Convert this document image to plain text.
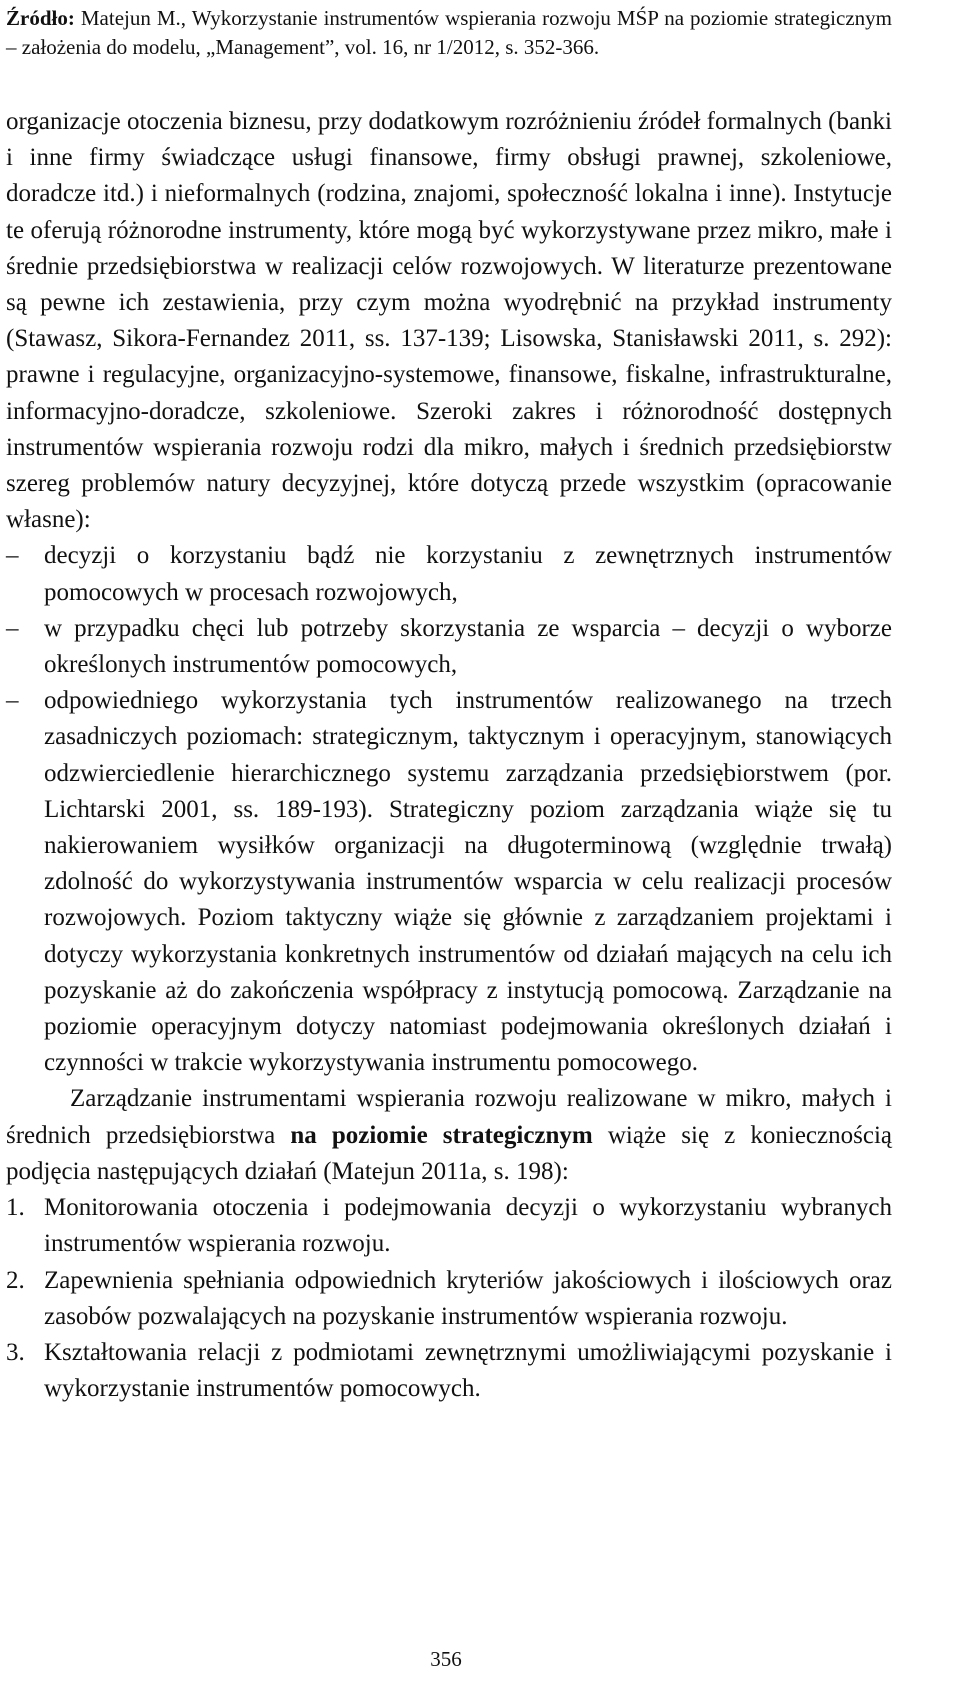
Źródło: Matejun M., Wykorzystanie instrumentów wspierania rozwoju MŚP na poziomie strategicznym – założenia do modelu, „Management”, vol. 16, nr 1/2012, s. 352-366.

organizacje otoczenia biznesu, przy dodatkowym rozróżnieniu źródeł formalnych (banki i inne firmy świadczące usługi finansowe, firmy obsługi prawnej, szkoleniowe, doradcze itd.) i nieformalnych (rodzina, znajomi, społeczność lokalna i inne). Instytucje te oferują różnorodne instrumenty, które mogą być wykorzystywane przez mikro, małe i średnie przedsiębiorstwa w realizacji celów rozwojowych. W literaturze prezentowane są pewne ich zestawienia, przy czym można wyodrębnić na przykład instrumenty (Stawasz, Sikora-Fernandez 2011, ss. 137-139; Lisowska, Stanisławski 2011, s. 292): prawne i regulacyjne, organizacyjno-systemowe, finansowe, fiskalne, infrastrukturalne, informacyjno-doradcze, szkoleniowe. Szeroki zakres i różnorodność dostępnych instrumentów wspierania rozwoju rodzi dla mikro, małych i średnich przedsiębiorstw szereg problemów natury decyzyjnej, które dotyczą przede wszystkim (opracowanie własne):

– decyzji o korzystaniu bądź nie korzystaniu z zewnętrznych instrumentów pomocowych w procesach rozwojowych,
– w przypadku chęci lub potrzeby skorzystania ze wsparcia – decyzji o wyborze określonych instrumentów pomocowych,
– odpowiedniego wykorzystania tych instrumentów realizowanego na trzech zasadniczych poziomach: strategicznym, taktycznym i operacyjnym, stanowiących odzwierciedlenie hierarchicznego systemu zarządzania przedsiębiorstwem (por. Lichtarski 2001, ss. 189-193). Strategiczny poziom zarządzania wiąże się tu nakierowaniem wysiłków organizacji na długoterminową (względnie trwałą) zdolność do wykorzystywania instrumentów wsparcia w celu realizacji procesów rozwojowych. Poziom taktyczny wiąże się głównie z zarządzaniem projektami i dotyczy wykorzystania konkretnych instrumentów od działań mających na celu ich pozyskanie aż do zakończenia współpracy z instytucją pomocową. Zarządzanie na poziomie operacyjnym dotyczy natomiast podejmowania określonych działań i czynności w trakcie wykorzystywania instrumentu pomocowego.

Zarządzanie instrumentami wspierania rozwoju realizowane w mikro, małych i średnich przedsiębiorstwa na poziomie strategicznym wiąże się z koniecznością podjęcia następujących działań (Matejun 2011a, s. 198):

1. Monitorowania otoczenia i podejmowania decyzji o wykorzystaniu wybranych instrumentów wspierania rozwoju.
2. Zapewnienia spełniania odpowiednich kryteriów jakościowych i ilościowych oraz zasobów pozwalających na pozyskanie instrumentów wspierania rozwoju.
3. Kształtowania relacji z podmiotami zewnętrznymi umożliwiającymi pozyskanie i wykorzystanie instrumentów pomocowych.
356
